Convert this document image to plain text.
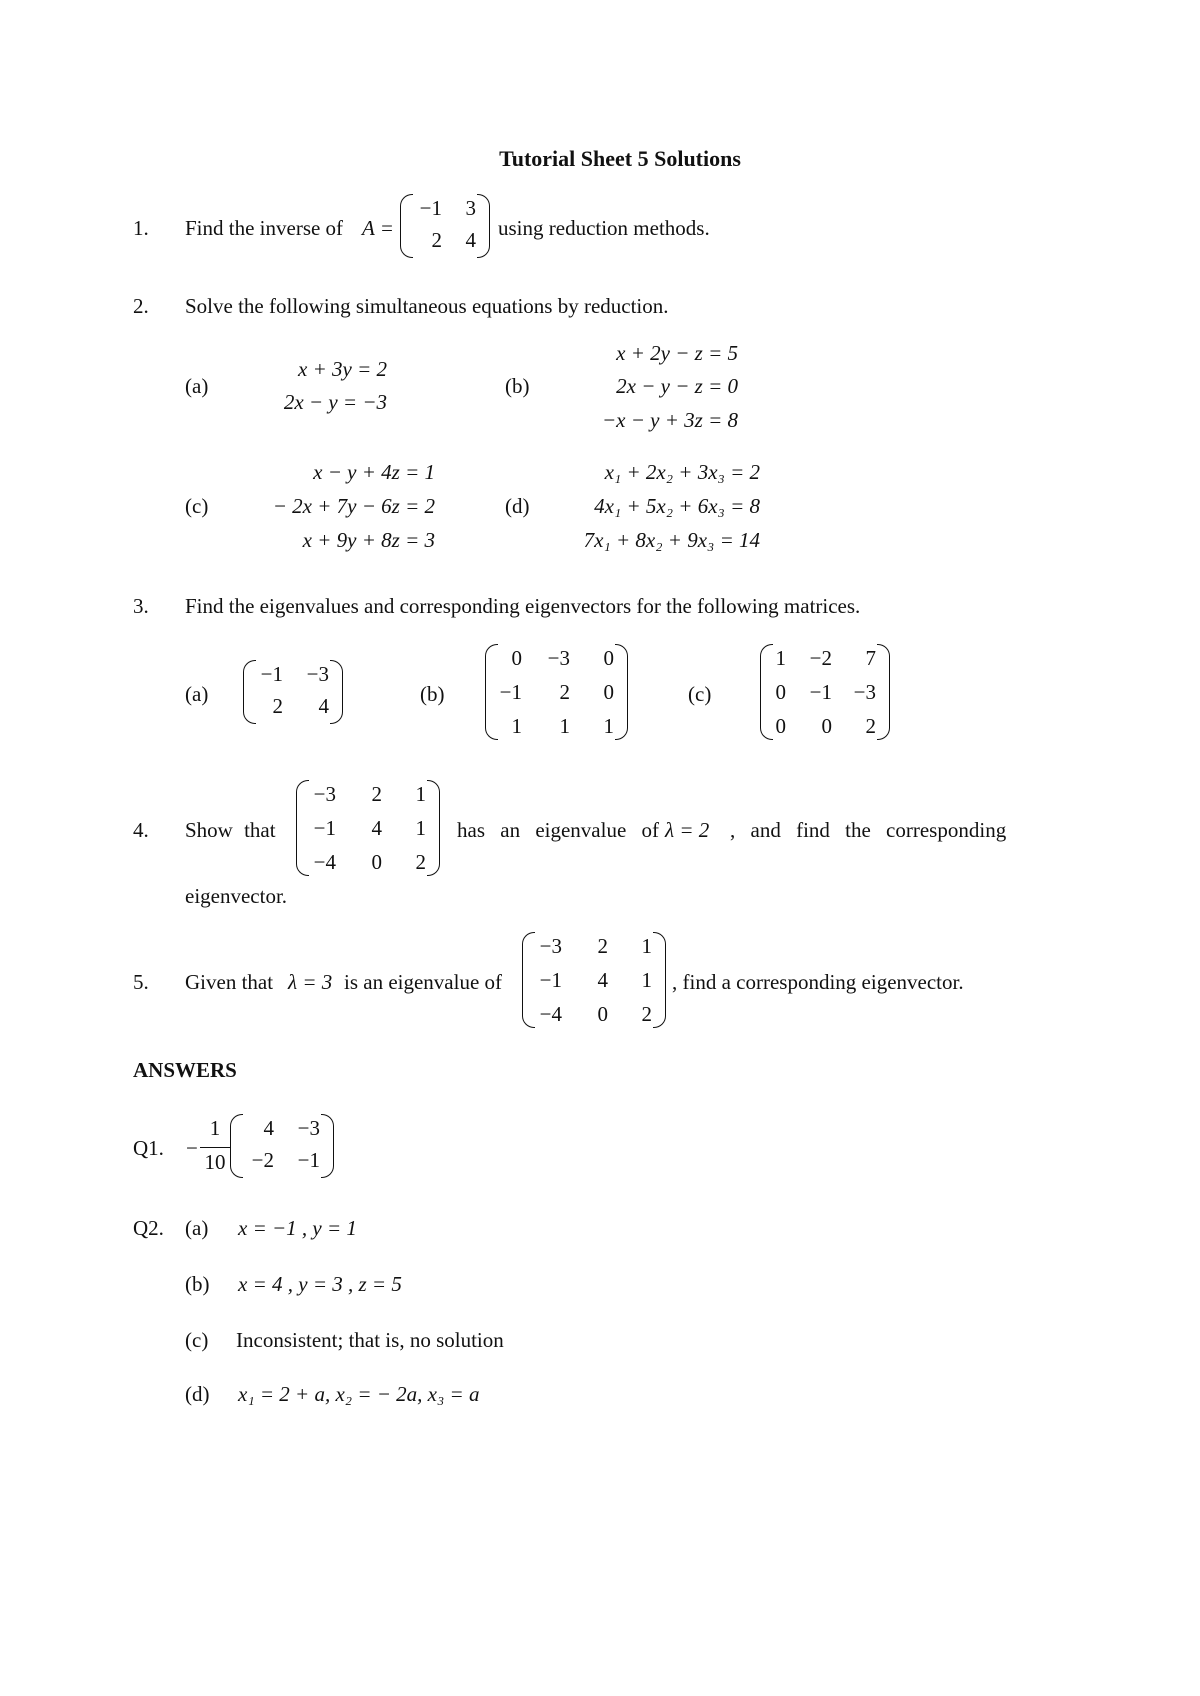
Tutorial Sheet 5 Solutions
1. Find the inverse of A =
−1 3
2 4 using reduction methods.
2. Solve the following simultaneous equations by reduction.
(a)
x + 3y = 2
2x − y = −3
(b)
x + 2y − z = 5
2x − y − z = 0
−x − y + 3z = 8
(c)
x − y + 4z = 1
− 2x + 7y − 6z = 2
x + 9y + 8z = 3
(d)
x₁ + 2x₂ + 3x₃ = 2
4x₁ + 5x₂ + 6x₃ = 8
7x₁ + 8x₂ + 9x₃ = 14
3. Find the eigenvalues and corresponding eigenvectors for the following matrices.
(a)
−1 −3
2 4	(b)
0 −3 0
−1 2 0
1 1 1
(c)
1 −2 7
0 −1 −3
0 0 2
4. Show that
−3 2 1
−1 4 1
−4 0 2
has an eigenvalue of λ = 2 , and find the corresponding
eigenvector.
5. Given that λ = 3 is an eigenvalue of
−3 2 1
−1 4 1
−4 0 2
, find a corresponding eigenvector.
ANSWERS
Q1. −
1
10
4 −3
−2 −1
Q2. (a) x = −1 , y = 1
(b) x = 4 , y = 3 , z = 5
(c) Inconsistent; that is, no solution
(d) x₁ = 2 + a, x₂ = − 2a, x₃ = a
